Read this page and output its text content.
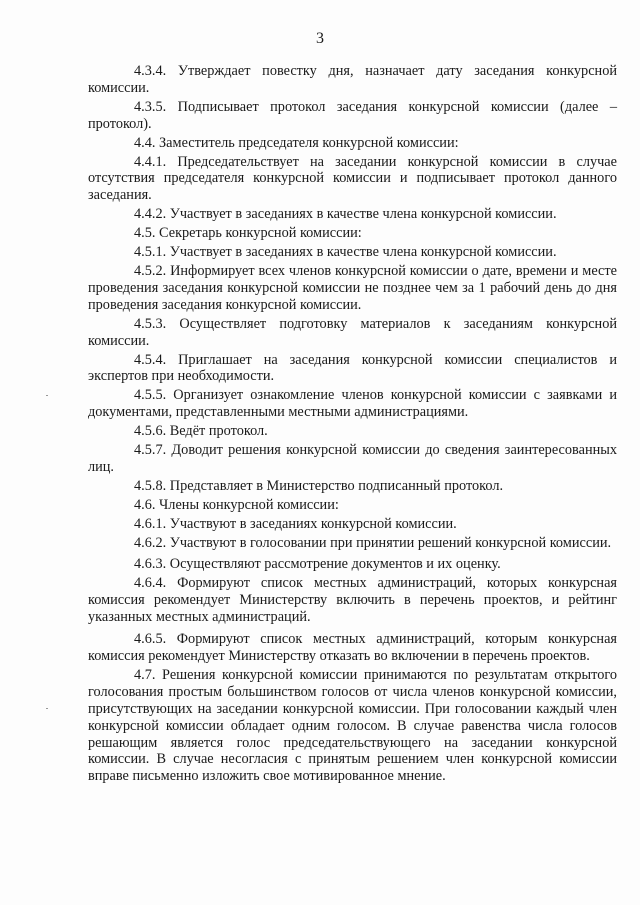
3

4.3.4. Утверждает повестку дня, назначает дату заседания конкурсной комиссии.

4.3.5. Подписывает протокол заседания конкурсной комиссии (далее – протокол).

4.4. Заместитель председателя конкурсной комиссии:

4.4.1. Председательствует на заседании конкурсной комиссии в случае отсутствия председателя конкурсной комиссии и подписывает протокол данного заседания.

4.4.2. Участвует в заседаниях в качестве члена конкурсной комиссии.

4.5. Секретарь конкурсной комиссии:

4.5.1. Участвует в заседаниях в качестве члена конкурсной комиссии.

4.5.2. Информирует всех членов конкурсной комиссии о дате, времени и месте проведения заседания конкурсной комиссии не позднее чем за 1 рабочий день до дня проведения заседания конкурсной комиссии.

4.5.3. Осуществляет подготовку материалов к заседаниям конкурсной комиссии.

4.5.4. Приглашает на заседания конкурсной комиссии специалистов и экспертов при необходимости.

4.5.5. Организует ознакомление членов конкурсной комиссии с заявками и документами, представленными местными администрациями.

4.5.6. Ведёт протокол.

4.5.7. Доводит решения конкурсной комиссии до сведения заинтересованных лиц.

4.5.8. Представляет в Министерство подписанный протокол.

4.6. Члены конкурсной комиссии:

4.6.1. Участвуют в заседаниях конкурсной комиссии.

4.6.2. Участвуют в голосовании при принятии решений конкурсной комиссии.

4.6.3. Осуществляют рассмотрение документов и их оценку.

4.6.4. Формируют список местных администраций, которых конкурсная комиссия рекомендует Министерству включить в перечень проектов, и рейтинг указанных местных администраций.

4.6.5. Формируют список местных администраций, которым конкурсная комиссия рекомендует Министерству отказать во включении в перечень проектов.

4.7. Решения конкурсной комиссии принимаются по результатам открытого голосования простым большинством голосов от числа членов конкурсной комиссии, присутствующих на заседании конкурсной комиссии. При голосовании каждый член конкурсной комиссии обладает одним голосом. В случае равенства числа голосов решающим является голос председательствующего на заседании конкурсной комиссии. В случае несогласия с принятым решением член конкурсной комиссии вправе письменно изложить свое мотивированное мнение.
